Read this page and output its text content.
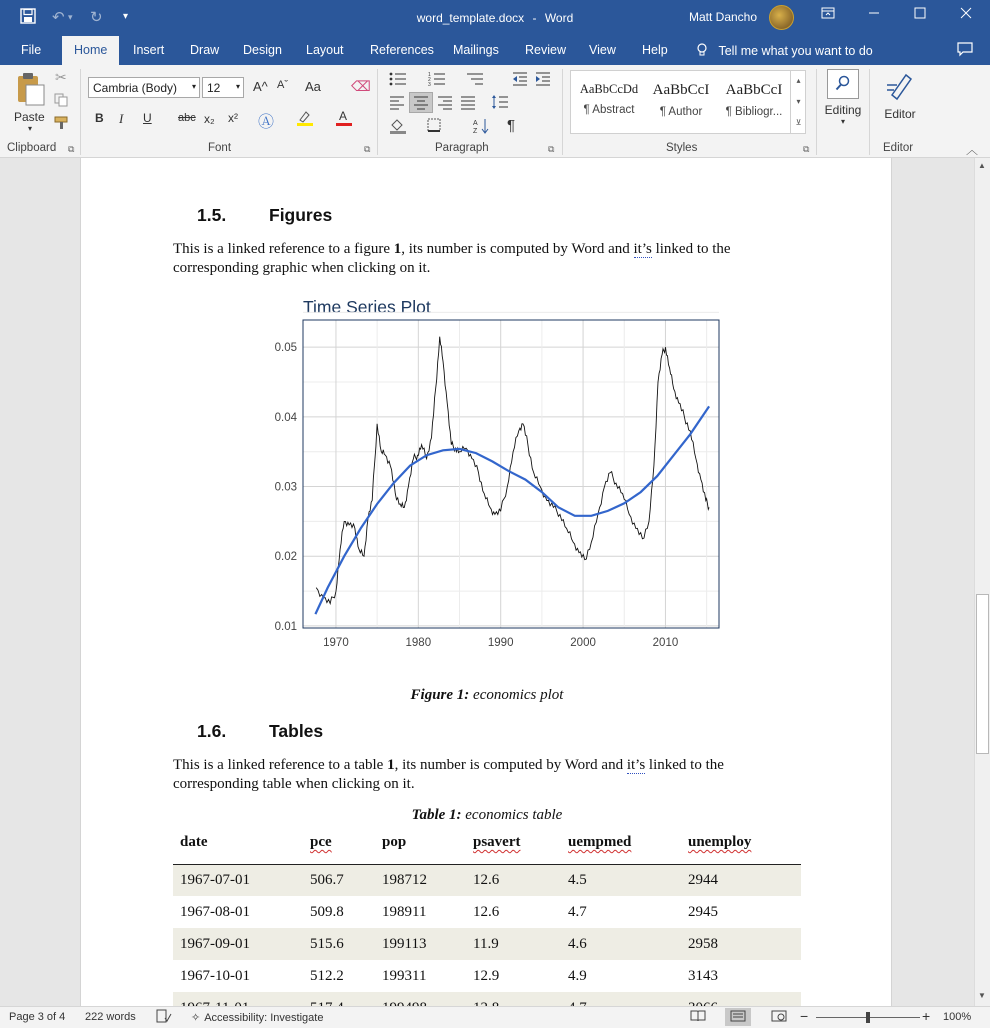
↶ ▾ ↻ ▾	word_template.docx - Word	Matt Dancho
File	Home	Insert Draw Design Layout References Mailings Review View Help	Tell me what you want to do
Paste
▾
✂
Clipboard ⧉
Cambria (Body) ▾ 12 ▾ A^ Aˇ Aa ⌫
B I U abc x₂ x² Ⓐ	A
Font	⧉
1
2
3
A
Z ¶
Paragraph	⧉
AaBbCcDd
¶ Abstract
AaBbCcI
¶ Author
AaBbCcI
¶ Bibliogr...
▴
▾
⊻
Styles	⧉
Editing
▾
Editor
Editor	︿
1.5. Figures
This is a linked reference to a figure 1, its number is computed by Word and it’s linked to the corresponding graphic when clicking on it.
Time Series Plot
0.01
0.02
0.03
0.04
0.05
1970	1980	1990	2000	2010
Figure 1: economics plot
1.6. Tables
This is a linked reference to a table 1, its number is computed by Word and it’s linked to the corresponding table when clicking on it.
Table 1: economics table
date	pce	pop	psavert	uempmed	unemploy
1967-07-01	506.7	198712	12.6	4.5	2944
1967-08-01	509.8	198911	12.6	4.7	2945
1967-09-01	515.6	199113	11.9	4.6	2958
1967-10-01	512.2	199311	12.9	4.9	3143

▲
▼
Page 3 of 4 222 words	✧ Accessibility: Investigate	−	+ 100%
